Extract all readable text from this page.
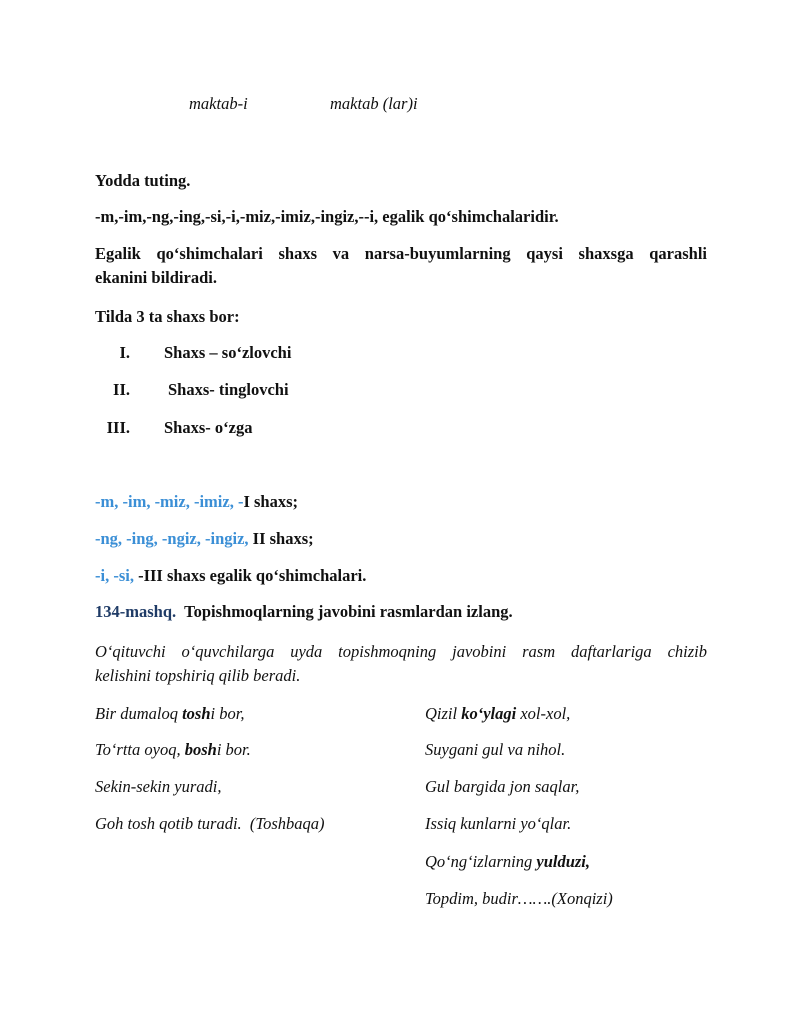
maktab-i	maktab (lar)i
Yodda tuting.
-m,-im,-ng,-ing,-si,-i,-miz,-imiz,-ingiz,--i, egalik qo‘shimchalaridir.
Egalik qo‘shimchalari shaxs va narsa-buyumlarning qaysi shaxsga qarashli
ekanini bildiradi.
Tilda 3 ta shaxs bor:
I. Shaxs – so‘zlovchi
II. Shaxs- tinglovchi
III. Shaxs- o‘zga
-m, -im, -miz, -imiz, -I shaxs;
-ng, -ing, -ngiz, -ingiz, II shaxs;
-i, -si, -III shaxs egalik qo‘shimchalari.
134-mashq.  Topishmoqlarning javobini rasmlardan izlang.
O‘qituvchi o‘quvchilarga uyda topishmoqning javobini rasm daftarlariga chizib
kelishini topshiriq qilib beradi.
Bir dumaloq toshi bor,
To‘rtta oyoq, boshi bor.
Sekin-sekin yuradi,
Goh tosh qotib turadi.  (Toshbaqa)
Qizil ko‘ylagi xol-xol,
Suygani gul va nihol.
Gul bargida jon saqlar,
Issiq kunlarni yo‘qlar.
Qo‘ng‘izlarning yulduzi,
Topdim, budir…….(Xonqizi)
